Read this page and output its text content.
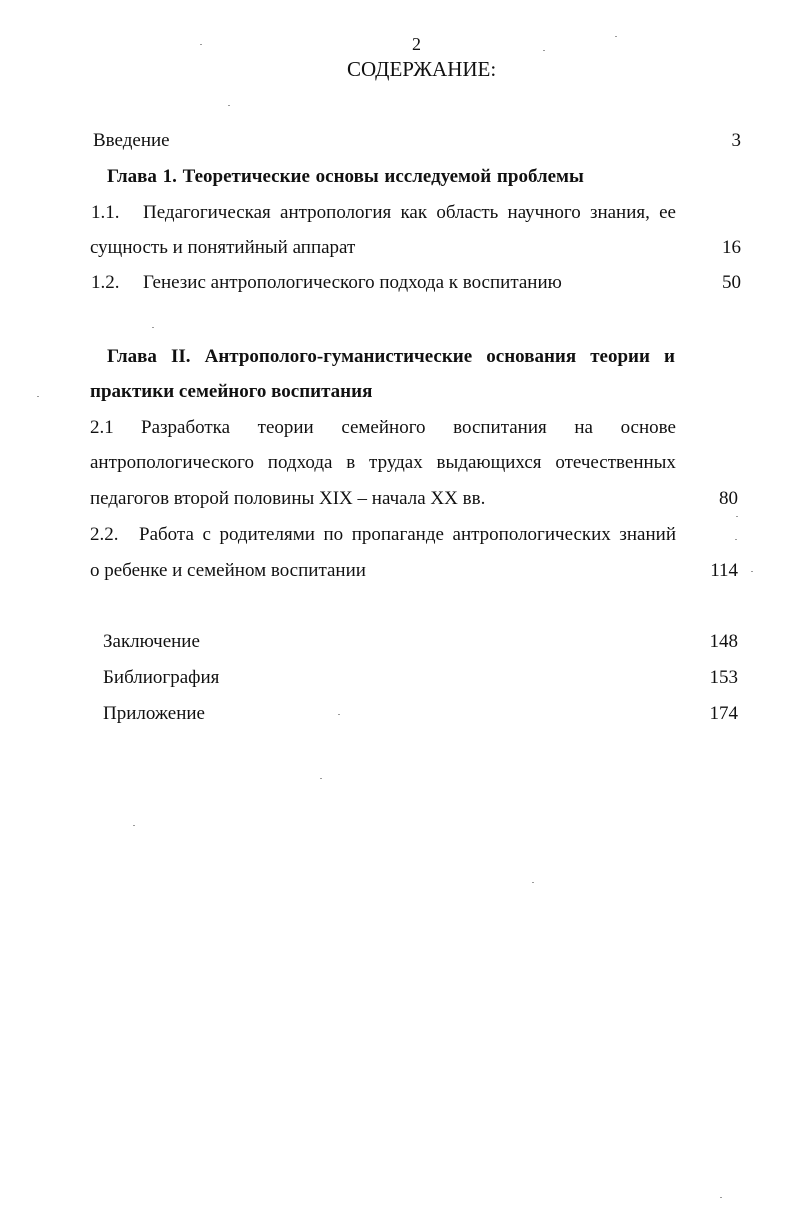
2
СОДЕРЖАНИЕ:
Введение	3
Глава 1. Теоретические основы исследуемой проблемы
1.1. Педагогическая антропология как область научного знания, ее
сущность и понятийный аппарат	16
1.2. Генезис антропологического подхода к воспитанию	50
Глава II. Антрополого-гуманистические основания теории и
практики семейного воспитания
2.1 Разработка теории семейного воспитания на основе
антропологического подхода в трудах выдающихся отечественных
педагогов второй половины XIX – начала XX вв.	80
2.2. Работа с родителями по пропаганде антропологических знаний
о ребенке и семейном воспитании	114
Заключение	148
Библиография	153
Приложение	174
